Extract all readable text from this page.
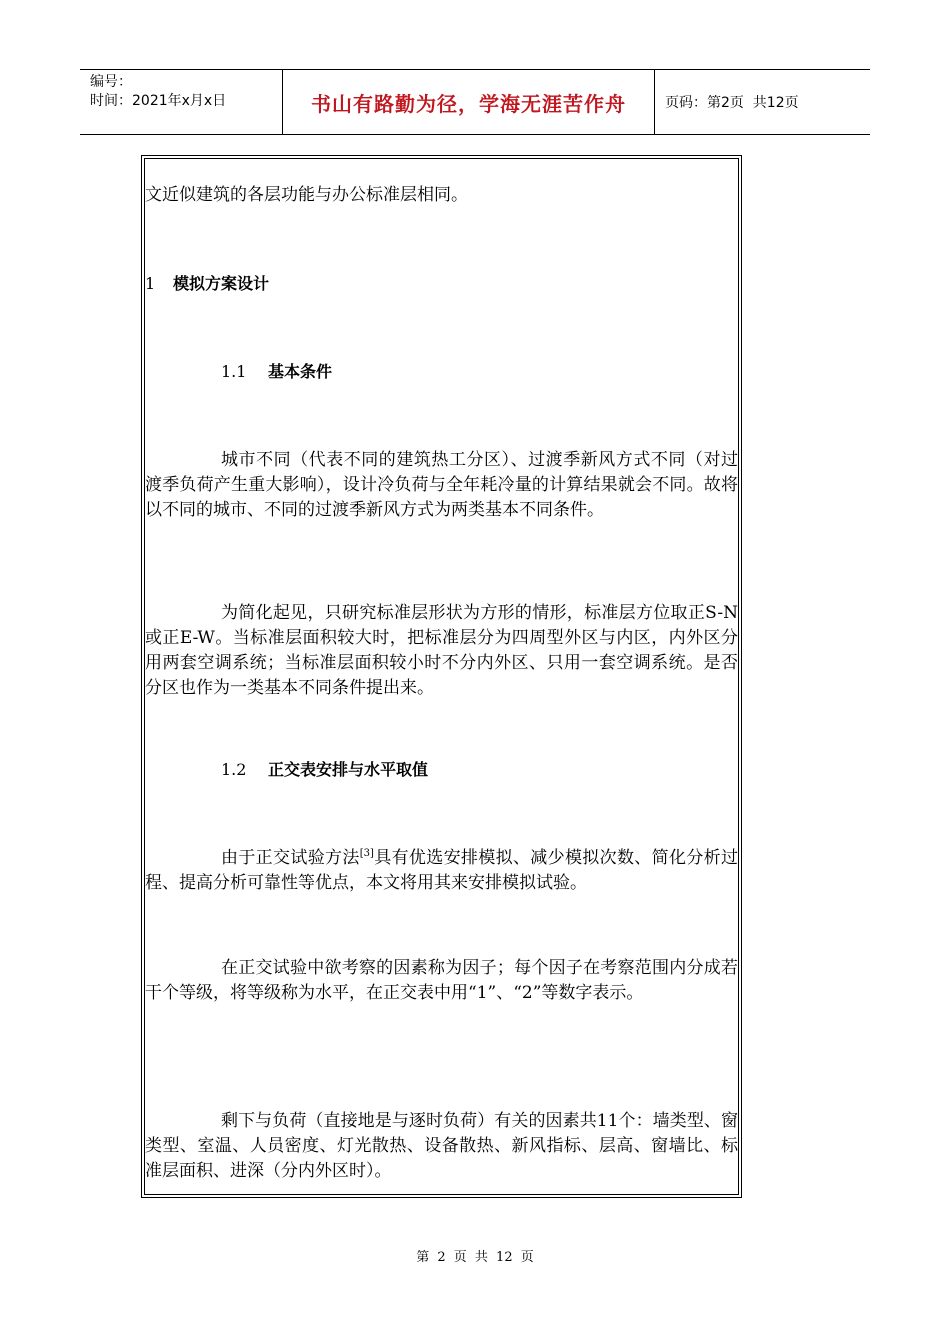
编号：
时间：2021年x月x日	书山有路勤为径，学海无涯苦作舟	页码：第2页  共12页
文近似建筑的各层功能与办公标准层相同。
1 模拟方案设计
1.1 基本条件
城市不同（代表不同的建筑热工分区）、过渡季新风方式不同（对过渡季负荷产生重大影响），设计冷负荷与全年耗冷量的计算结果就会不同。故将以不同的城市、不同的过渡季新风方式为两类基本不同条件。
为简化起见，只研究标准层形状为方形的情形，标准层方位取正S-N或正E-W。当标准层面积较大时，把标准层分为四周型外区与内区，内外区分用两套空调系统；当标准层面积较小时不分内外区、只用一套空调系统。是否分区也作为一类基本不同条件提出来。
1.2 正交表安排与水平取值
由于正交试验方法[3]具有优选安排模拟、减少模拟次数、简化分析过程、提高分析可靠性等优点，本文将用其来安排模拟试验。
在正交试验中欲考察的因素称为因子；每个因子在考察范围内分成若干个等级，将等级称为水平，在正交表中用“1”、“2”等数字表示。
剩下与负荷（直接地是与逐时负荷）有关的因素共11个：墙类型、窗类型、室温、人员密度、灯光散热、设备散热、新风指标、层高、窗墙比、标准层面积、进深（分内外区时）。
第 2 页 共 12 页
